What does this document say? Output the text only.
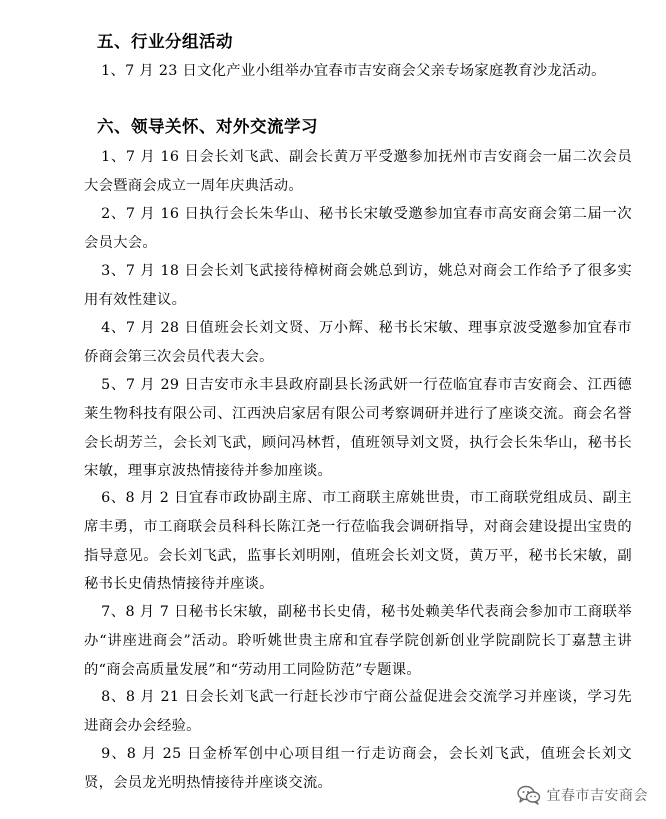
五、行业分组活动
1、7 月 23 日文化产业小组举办宜春市吉安商会父亲专场家庭教育沙龙活动。
六、领导关怀、对外交流学习
1、7 月 16 日会长刘飞武、副会长黄万平受邀参加抚州市吉安商会一届二次会员大会暨商会成立一周年庆典活动。
2、7 月 16 日执行会长朱华山、秘书长宋敏受邀参加宜春市高安商会第二届一次会员大会。
3、7 月 18 日会长刘飞武接待樟树商会姚总到访，姚总对商会工作给予了很多实用有效性建议。
4、7 月 28 日值班会长刘文贤、万小辉、秘书长宋敏、理事京波受邀参加宜春市侨商会第三次会员代表大会。
5、7 月 29 日吉安市永丰县政府副县长汤武妍一行莅临宜春市吉安商会、江西德莱生物科技有限公司、江西泱启家居有限公司考察调研并进行了座谈交流。商会名誉会长胡芳兰，会长刘飞武，顾问冯林哲，值班领导刘文贤，执行会长朱华山，秘书长宋敏，理事京波热情接待并参加座谈。
6、8 月 2 日宜春市政协副主席、市工商联主席姚世贵，市工商联党组成员、副主席丰勇，市工商联会员科科长陈江尧一行莅临我会调研指导，对商会建设提出宝贵的指导意见。会长刘飞武，监事长刘明刚，值班会长刘文贤，黄万平，秘书长宋敏，副秘书长史倩热情接待并座谈。
7、8 月 7 日秘书长宋敏，副秘书长史倩，秘书处赖美华代表商会参加市工商联举办“讲座进商会”活动。聆听姚世贵主席和宜春学院创新创业学院副院长丁嘉慧主讲的“商会高质量发展”和“劳动用工同险防范”专题课。
8、8 月 21 日会长刘飞武一行赶长沙市宁商公益促进会交流学习并座谈，学习先进商会办会经验。
9、8 月 25 日金桥军创中心项目组一行走访商会，会长刘飞武，值班会长刘文贤，会员龙光明热情接待并座谈交流。
宜春市吉安商会
